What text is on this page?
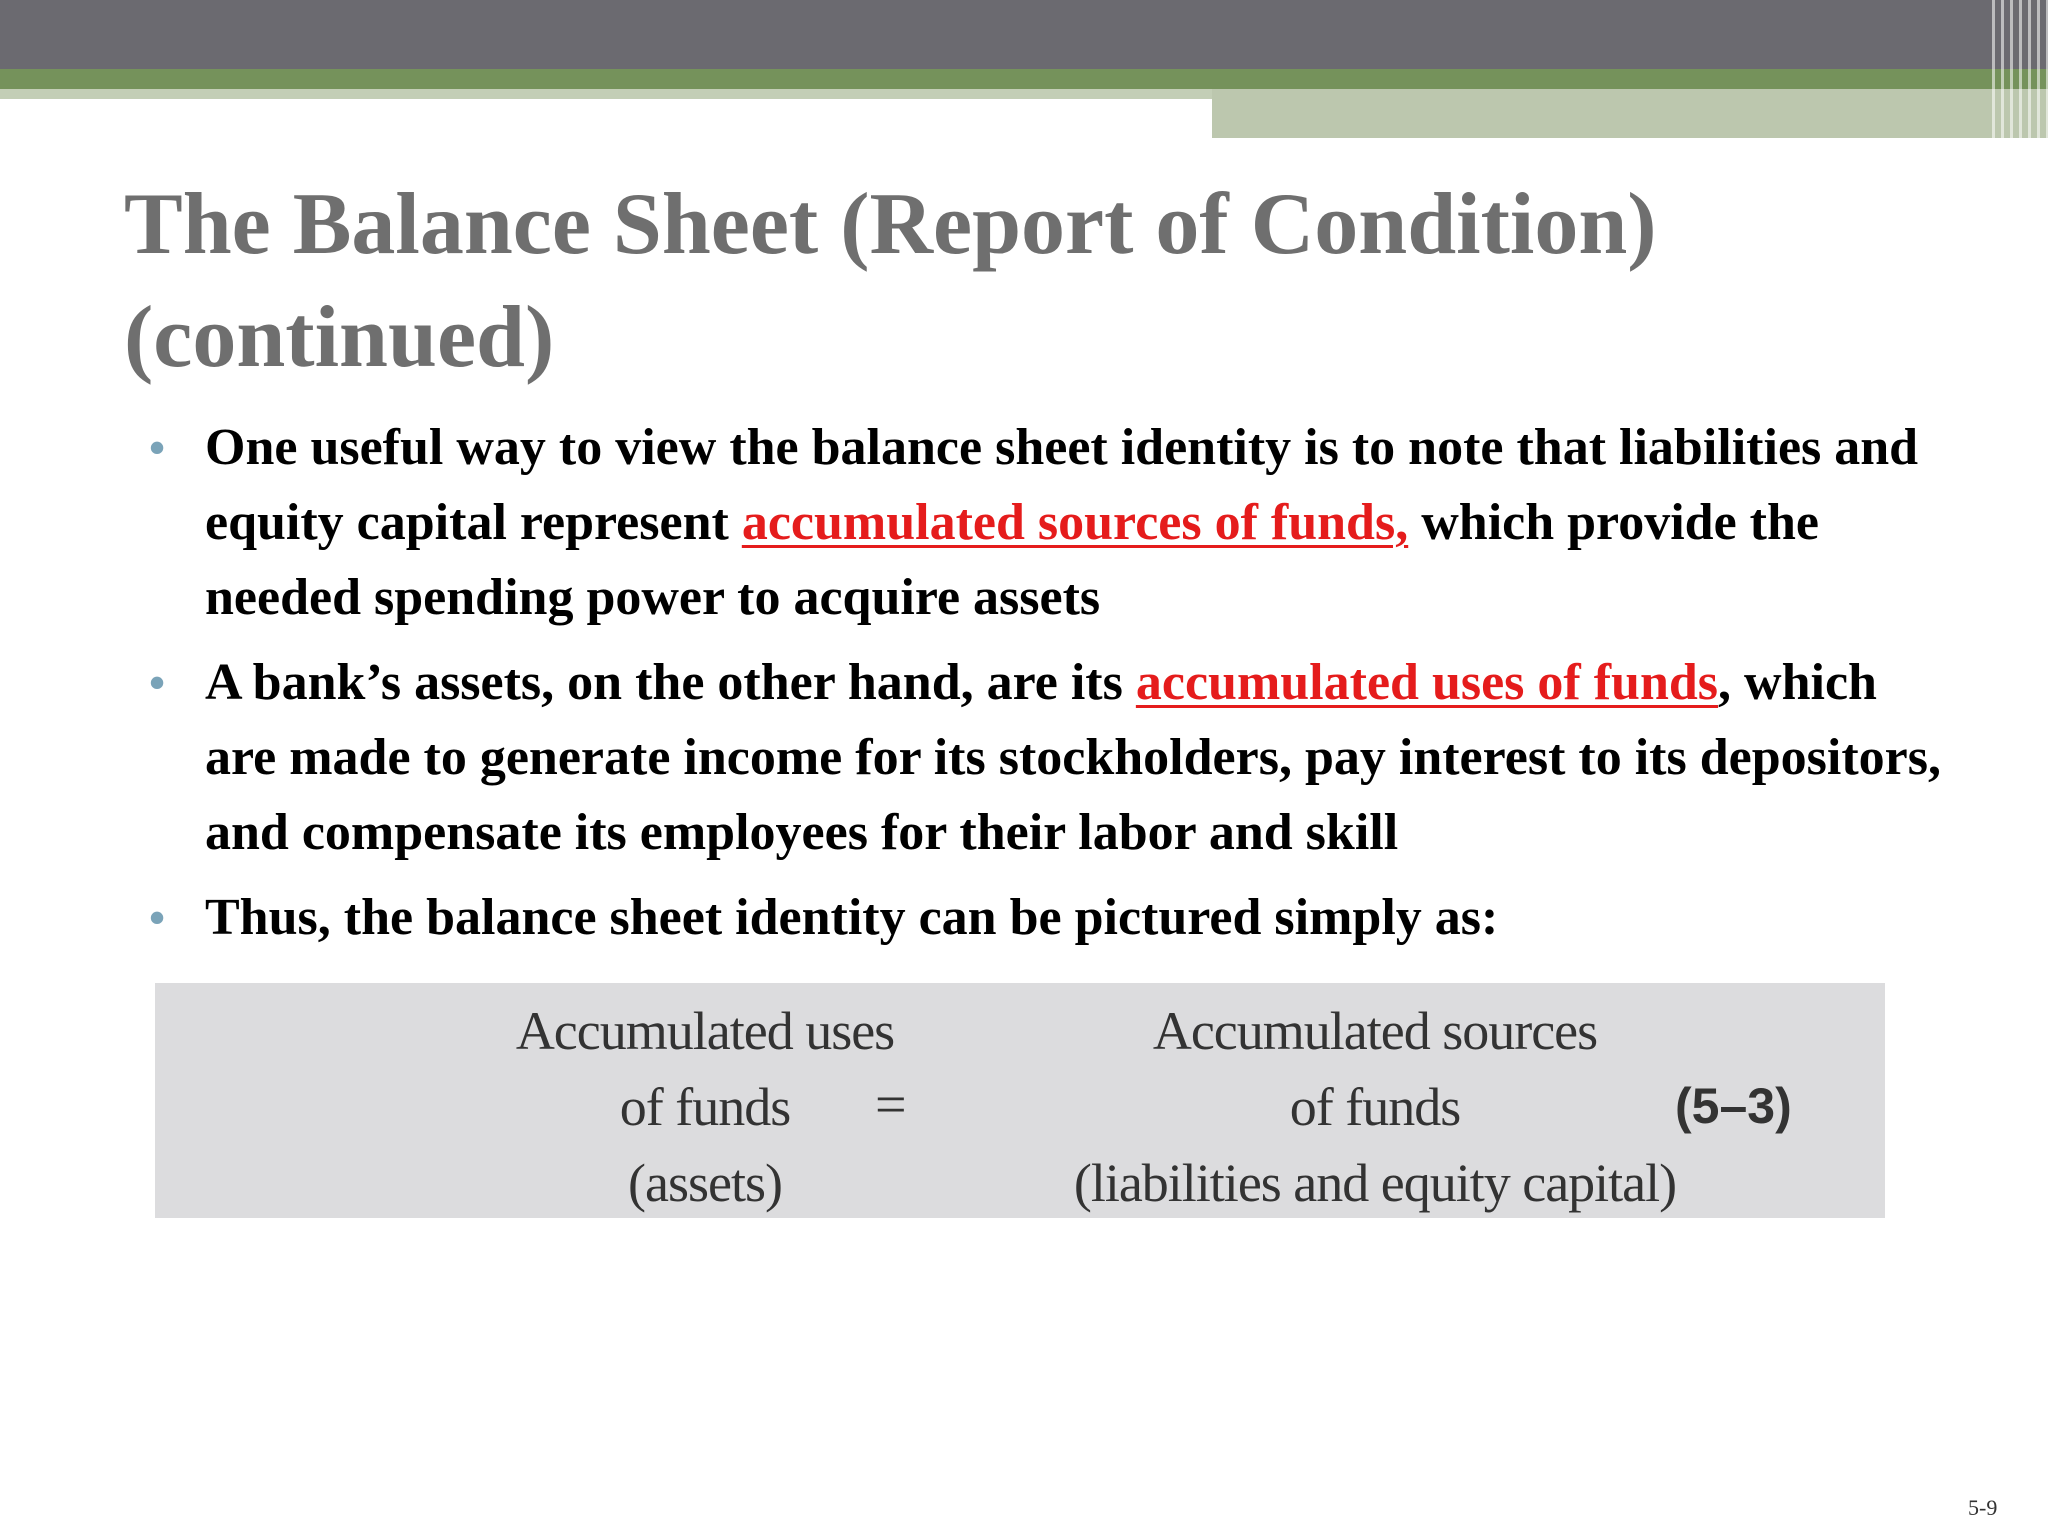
The Balance Sheet (Report of Condition) (continued)
• One useful way to view the balance sheet identity is to note that liabilities and equity capital represent accumulated sources of funds, which provide the needed spending power to acquire assets
• A bank’s assets, on the other hand, are its accumulated uses of funds, which are made to generate income for its stockholders, pay interest to its depositors, and compensate its employees for their labor and skill
• Thus, the balance sheet identity can be pictured simply as:
Accumulated uses
of funds
(assets)
=
Accumulated sources
of funds
(liabilities and equity capital)
(5–3)
5-9
